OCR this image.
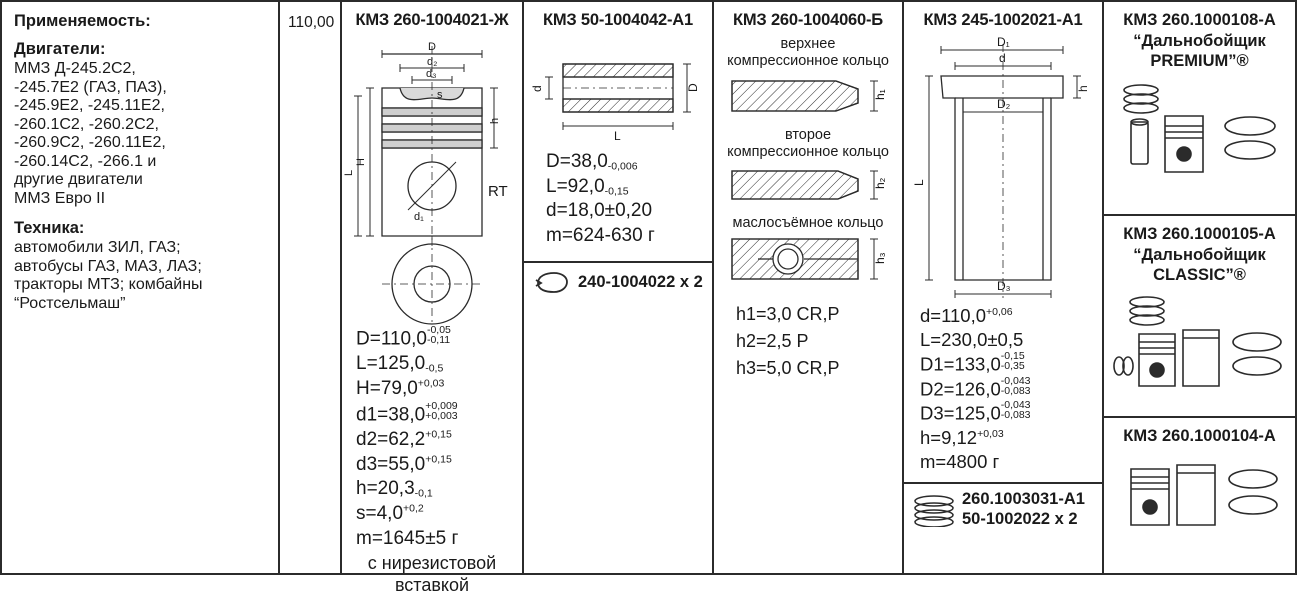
Применяемость:
Двигатели:
ММЗ Д-245.2С2,
-245.7Е2 (ГАЗ, ПАЗ),
-245.9Е2, -245.11Е2,
-260.1С2, -260.2С2,
-260.9С2, -260.11Е2,
-260.14С2, -266.1 и
другие двигатели
ММЗ Евро II
Техника:
автомобили ЗИЛ, ГАЗ;
автобусы ГАЗ, МАЗ, ЛАЗ;
тракторы МТЗ; комбайны
“Ростсельмаш”
110,00	КМЗ 260-1004021-Ж
D
d₂
d₃
s
H
L
h
d₁
RT
D=110,0-0,05
-0,11
$L=125,0_{-0,5}$
$H=79,0^{+0,03}$
d1=38,0+0,009
+0,003
$d2=62,2^{+0,15}$
$d3=55,0^{+0,15}$
$h=20,3_{-0,1}$
$s=4,0^{+0,2}$
m=1645±5 г
с нирезистовой
вставкой
КМЗ 50-1004042-А1
d	D
L
$D=38,0_{-0,006}$
$L=92,0_{-0,15}$
d=18,0±0,20
m=624-630 г
240-1004022 x 2
КМЗ 260-1004060-Б
верхнее
компрессионное кольцо
h₁
второе
компрессионное кольцо
h₂
маслосъёмное кольцо
h₃
h1=3,0 CR,P
h2=2,5 P
h3=5,0 CR,P
КМЗ 245-1002021-А1
D₁
d
D₂
h
L
D₃
$d=110,0^{+0,06}$
L=230,0±0,5
D1=133,0-0,15
-0,35
D2=126,0-0,043
-0,083
D3=125,0-0,043
-0,083
$h=9,12^{+0,03}$
m=4800 г
260.1003031-А1
50-1002022 x 2
КМЗ 260.1000108-А
“Дальнобойщик
PREMIUM”®
КМЗ 260.1000105-А
“Дальнобойщик
CLASSIC”®
КМЗ 260.1000104-А
